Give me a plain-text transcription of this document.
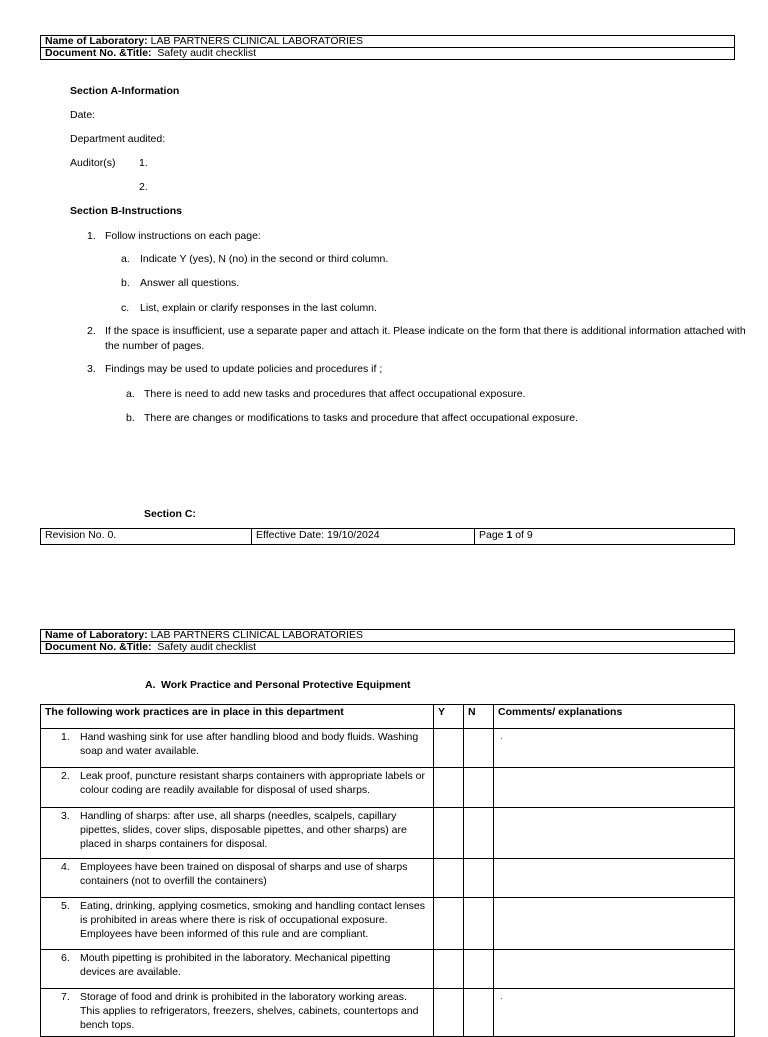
Name of Laboratory: LAB PARTNERS CLINICAL LABORATORIES
Document No. &Title: Safety audit checklist
Section A-Information
Date:
Department audited:
Auditor(s) 1.
2.
Section B-Instructions
1. Follow instructions on each page:
a. Indicate Y (yes), N (no) in the second or third column.
b. Answer all questions.
c. List, explain or clarify responses in the last column.
2. If the space is insufficient, use a separate paper and attach it. Please indicate on the form that there is additional information attached with
the number of pages.
3. Findings may be used to update policies and procedures if ;
a. There is need to add new tasks and procedures that affect occupational exposure.
b. There are changes or modifications to tasks and procedure that affect occupational exposure.
Section C:
Revision No. 0.	Effective Date: 19/10/2024	Page 1 of 9
Name of Laboratory: LAB PARTNERS CLINICAL LABORATORIES
Document No. &Title: Safety audit checklist
A. Work Practice and Personal Protective Equipment
The following work practices are in place in this department	Y	N	Comments/ explanations

1. Hand washing sink for use after handling blood and body fluids. Washing soap and water available.			.

2. Leak proof, puncture resistant sharps containers with appropriate labels or colour coding are readily available for disposal of used sharps.			

3. Handling of sharps: after use, all sharps (needles, scalpels, capillary pipettes, slides, cover slips, disposable pipettes, and other sharps) are placed in sharps containers for disposal.			

4. Employees have been trained on disposal of sharps and use of sharps containers (not to overfill the containers)			

5. Eating, drinking, applying cosmetics, smoking and handling contact lenses is prohibited in areas where there is risk of occupational exposure. Employees have been informed of this rule and are compliant.			

6. Mouth pipetting is prohibited in the laboratory. Mechanical pipetting devices are available.			

7. Storage of food and drink is prohibited in the laboratory working areas. This applies to refrigerators, freezers, shelves, cabinets, countertops and bench tops.			.
